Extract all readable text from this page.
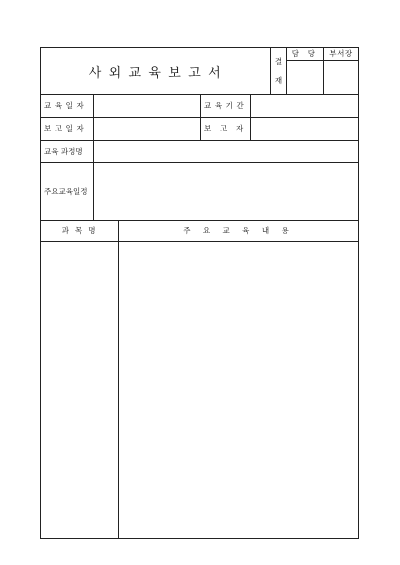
사 외 교 육 보 고 서
결
재
담 당 부서장
교 육 일 자	교 육 기 간
보 고 일 자	보 고 자
교육 과정명
주요교육일정
과 목 명	주 요 교 육 내 용
